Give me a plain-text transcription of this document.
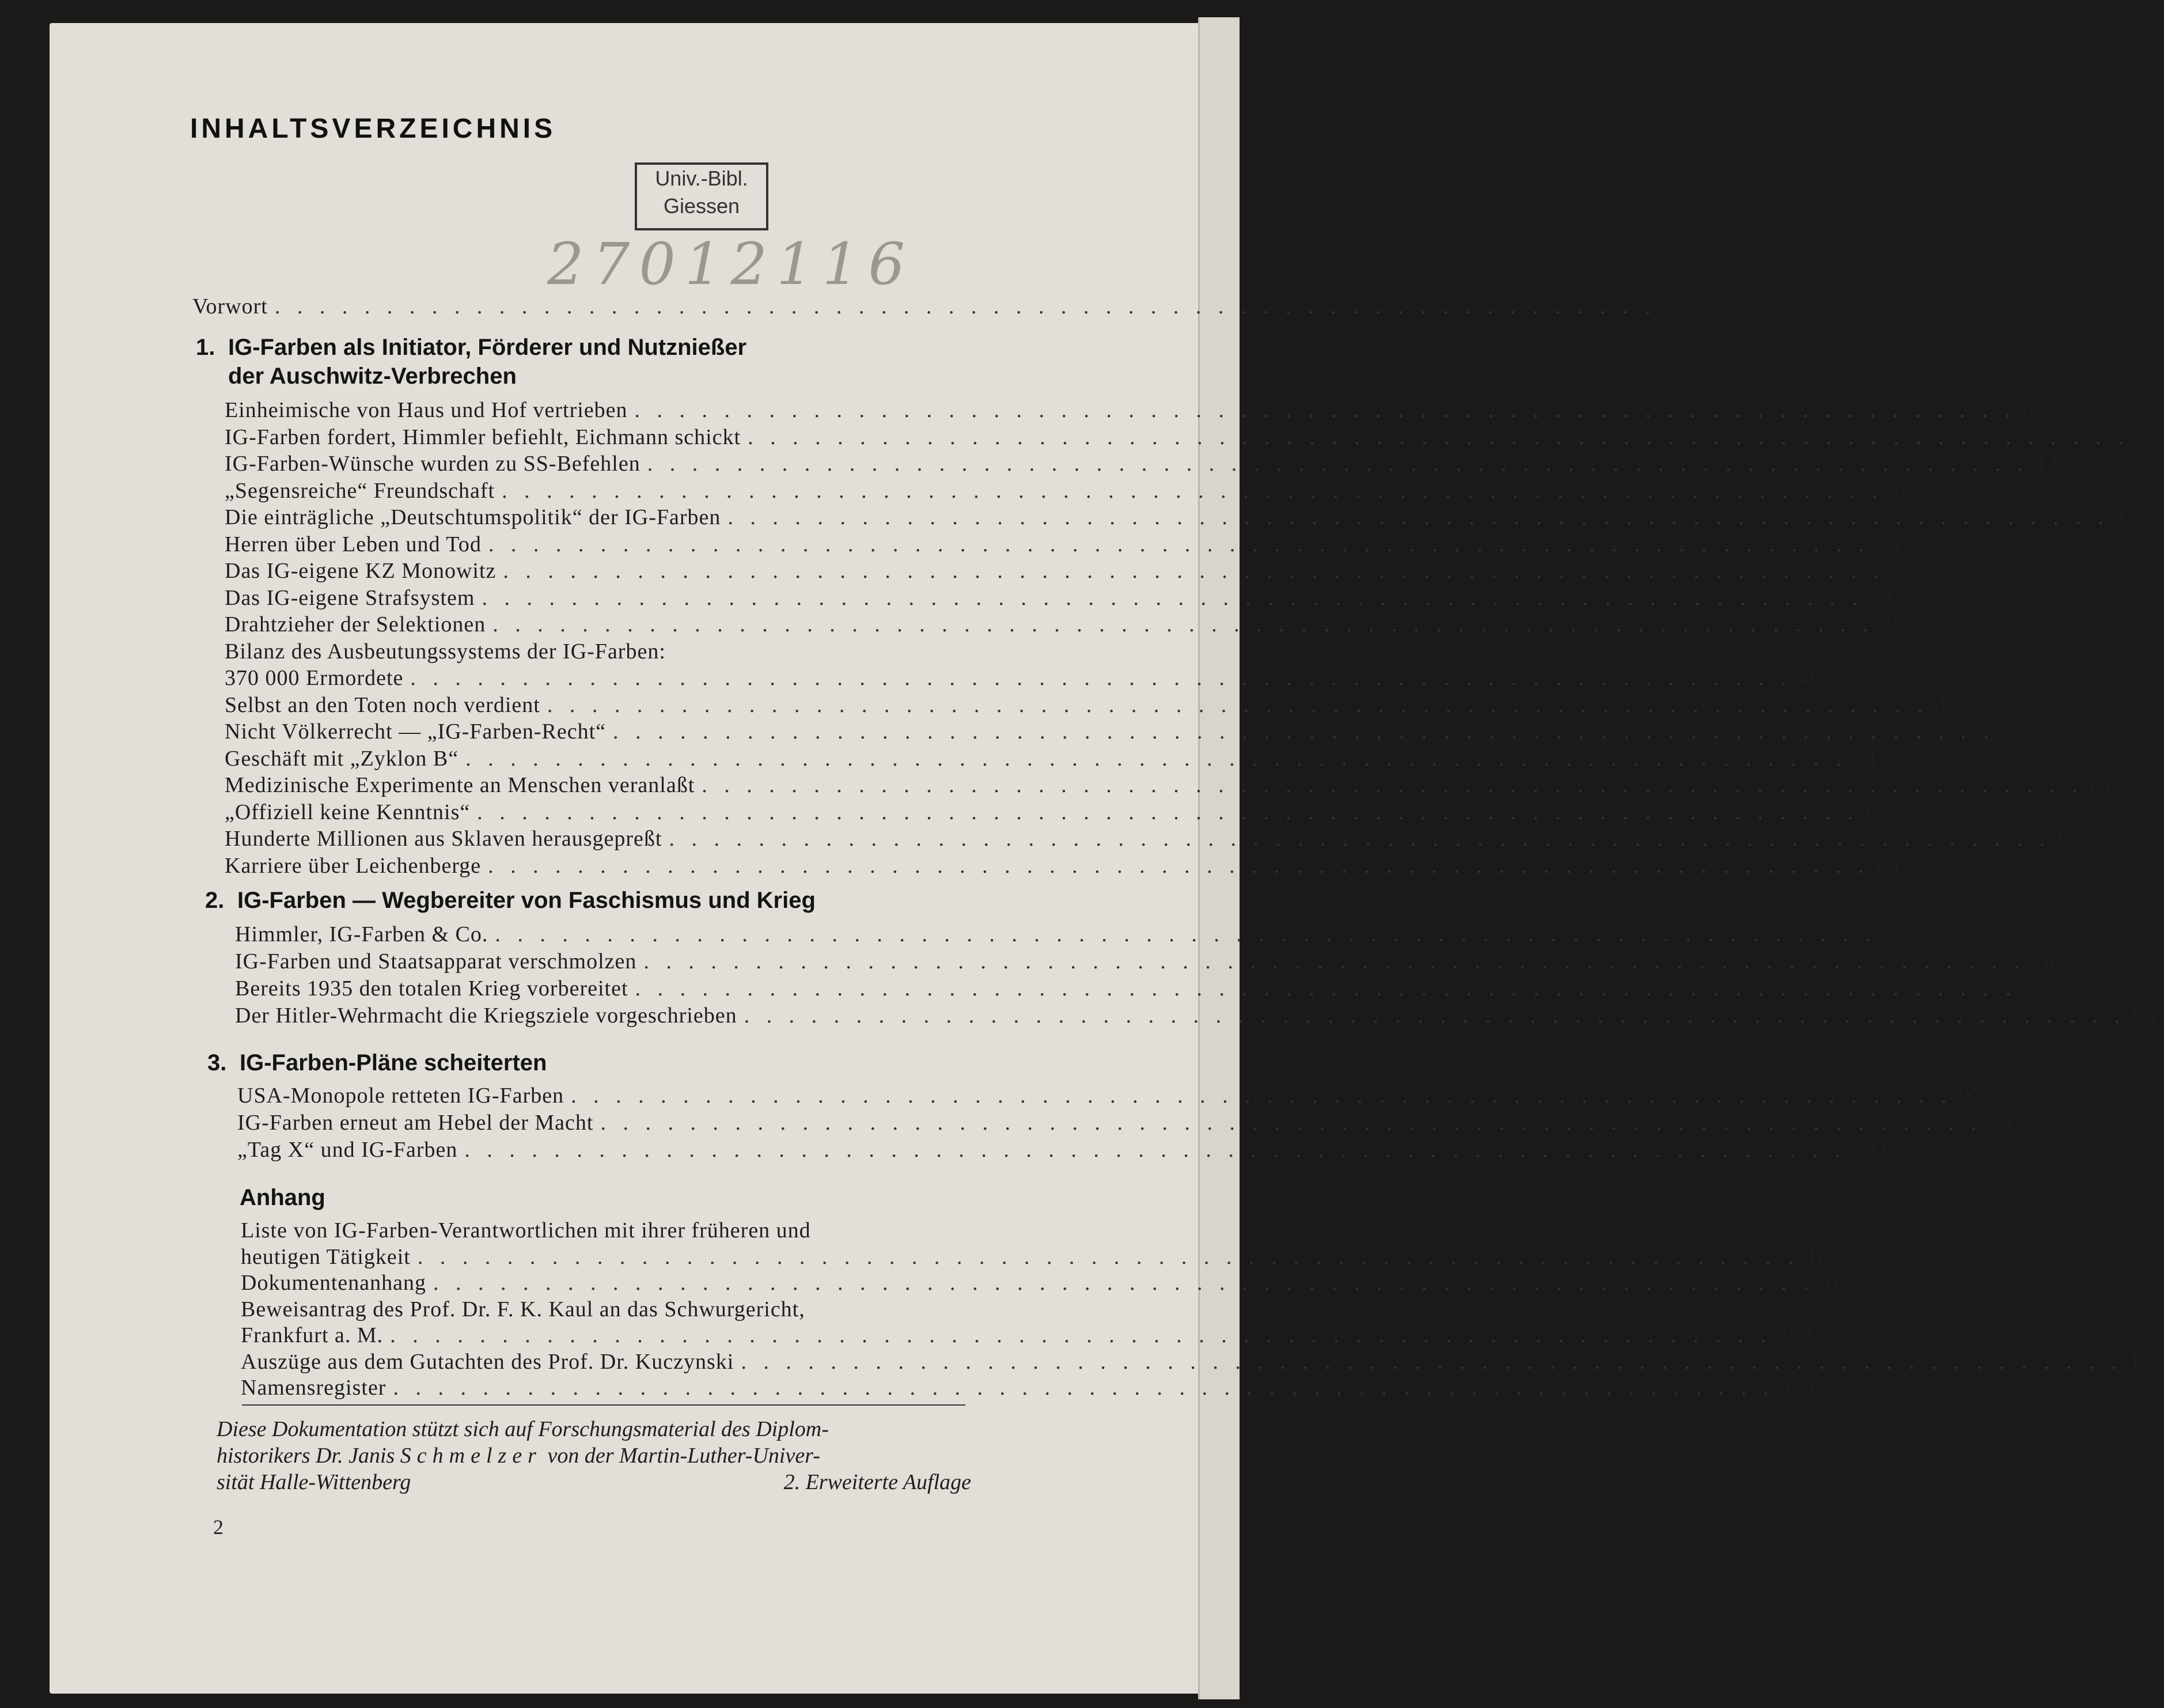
INHALTSVERZEICHNIS
Univ.-Bibl.
Giessen
27012116
Vorwort . . . . . . . . . . . . . . . . . . . . . . . . . . . . . . . . . . . . . . . . . . . . . . . . . . . . . . . . . . . . . . 3
1. IG-Farben als Initiator, Förderer und Nutznießer
der Auschwitz-Verbrechen
Einheimische von Haus und Hof vertrieben . . . . . . . . . . . . . . . . . . . . . . . . . . . . . . . . . . . . . . . . . . . . . . . . . . . . . . . . . . . . . . 6
IG-Farben fordert, Himmler befiehlt, Eichmann schickt . . . . . . . . . . . . . . . . . . . . . . . . . . . . . . . . . . . . . . . . . . . . . . . . . . . . . . . . . . . . . . 6
IG-Farben-Wünsche wurden zu SS-Befehlen . . . . . . . . . . . . . . . . . . . . . . . . . . . . . . . . . . . . . . . . . . . . . . . . . . . . . . . . . . . . . . 14
„Segensreiche“ Freundschaft . . . . . . . . . . . . . . . . . . . . . . . . . . . . . . . . . . . . . . . . . . . . . . . . . . . . . . . . . . . . . . 14
Die einträgliche „Deutschtumspolitik“ der IG-Farben . . . . . . . . . . . . . . . . . . . . . . . . . . . . . . . . . . . . . . . . . . . . . . . . . . . . . . . . . . . . . . 16
Herren über Leben und Tod . . . . . . . . . . . . . . . . . . . . . . . . . . . . . . . . . . . . . . . . . . . . . . . . . . . . . . . . . . . . . . 26
Das IG-eigene KZ Monowitz . . . . . . . . . . . . . . . . . . . . . . . . . . . . . . . . . . . . . . . . . . . . . . . . . . . . . . . . . . . . . . 34
Das IG-eigene Strafsystem . . . . . . . . . . . . . . . . . . . . . . . . . . . . . . . . . . . . . . . . . . . . . . . . . . . . . . . . . . . . . . 34
Drahtzieher der Selektionen . . . . . . . . . . . . . . . . . . . . . . . . . . . . . . . . . . . . . . . . . . . . . . . . . . . . . . . . . . . . . . 35
Bilanz des Ausbeutungssystems der IG-Farben:
370 000 Ermordete . . . . . . . . . . . . . . . . . . . . . . . . . . . . . . . . . . . . . . . . . . . . . . . . . . . . . . . . . . . . . . 46
Selbst an den Toten noch verdient . . . . . . . . . . . . . . . . . . . . . . . . . . . . . . . . . . . . . . . . . . . . . . . . . . . . . . . . . . . . . . 47
Nicht Völkerrecht — „IG-Farben-Recht“ . . . . . . . . . . . . . . . . . . . . . . . . . . . . . . . . . . . . . . . . . . . . . . . . . . . . . . . . . . . . . . 51
Geschäft mit „Zyklon B“ . . . . . . . . . . . . . . . . . . . . . . . . . . . . . . . . . . . . . . . . . . . . . . . . . . . . . . . . . . . . . . 54
Medizinische Experimente an Menschen veranlaßt . . . . . . . . . . . . . . . . . . . . . . . . . . . . . . . . . . . . . . . . . . . . . . . . . . . . . . . . . . . . . . 61
„Offiziell keine Kenntnis“ . . . . . . . . . . . . . . . . . . . . . . . . . . . . . . . . . . . . . . . . . . . . . . . . . . . . . . . . . . . . . . 63
Hunderte Millionen aus Sklaven herausgepreßt . . . . . . . . . . . . . . . . . . . . . . . . . . . . . . . . . . . . . . . . . . . . . . . . . . . . . . . . . . . . . . 65
Karriere über Leichenberge . . . . . . . . . . . . . . . . . . . . . . . . . . . . . . . . . . . . . . . . . . . . . . . . . . . . . . . . . . . . . . 69
2. IG-Farben — Wegbereiter von Faschismus und Krieg
Himmler, IG-Farben & Co. . . . . . . . . . . . . . . . . . . . . . . . . . . . . . . . . . . . . . . . . . . . . . . . . . . . . . . . . . . . . . . 77
IG-Farben und Staatsapparat verschmolzen . . . . . . . . . . . . . . . . . . . . . . . . . . . . . . . . . . . . . . . . . . . . . . . . . . . . . . . . . . . . . . 78
Bereits 1935 den totalen Krieg vorbereitet . . . . . . . . . . . . . . . . . . . . . . . . . . . . . . . . . . . . . . . . . . . . . . . . . . . . . . . . . . . . . . 83
Der Hitler-Wehrmacht die Kriegsziele vorgeschrieben . . . . . . . . . . . . . . . . . . . . . . . . . . . . . . . . . . . . . . . . . . . . . . . . . . . . . . . . . . . . . . 96
3. IG-Farben-Pläne scheiterten
USA-Monopole retteten IG-Farben . . . . . . . . . . . . . . . . . . . . . . . . . . . . . . . . . . . . . . . . . . . . . . . . . . . . . . . . . . . . . . 97
IG-Farben erneut am Hebel der Macht . . . . . . . . . . . . . . . . . . . . . . . . . . . . . . . . . . . . . . . . . . . . . . . . . . . . . . . . . . . . . . 99
„Tag X“ und IG-Farben . . . . . . . . . . . . . . . . . . . . . . . . . . . . . . . . . . . . . . . . . . . . . . . . . . . . . . . . . . . . . . 103
Anhang
Liste von IG-Farben-Verantwortlichen mit ihrer früheren und
heutigen Tätigkeit . . . . . . . . . . . . . . . . . . . . . . . . . . . . . . . . . . . . . . . . . . . . . . . . . . . . . . . . . . . . . . 105
Dokumentenanhang . . . . . . . . . . . . . . . . . . . . . . . . . . . . . . . . . . . . . . . . . . . . . . . . . . . . . . . . . . . . . . 109
Beweisantrag des Prof. Dr. F. K. Kaul an das Schwurgericht,
Frankfurt a. M. . . . . . . . . . . . . . . . . . . . . . . . . . . . . . . . . . . . . . . . . . . . . . . . . . . . . . . . . . . . . . . 123
Auszüge aus dem Gutachten des Prof. Dr. Kuczynski . . . . . . . . . . . . . . . . . . . . . . . . . . . . . . . . . . . . . . . . . . . . . . . . . . . . . . . . . . . . . . 127
Namensregister . . . . . . . . . . . . . . . . . . . . . . . . . . . . . . . . . . . . . . . . . . . . . . . . . . . . . . . . . . . . . . 134
Diese Dokumentation stützt sich auf Forschungsmaterial des Diplom-
historikers Dr. Janis Schmelzer von der Martin-Luther-Univer-
sität Halle-Wittenberg	2. Erweiterte Auflage
2
